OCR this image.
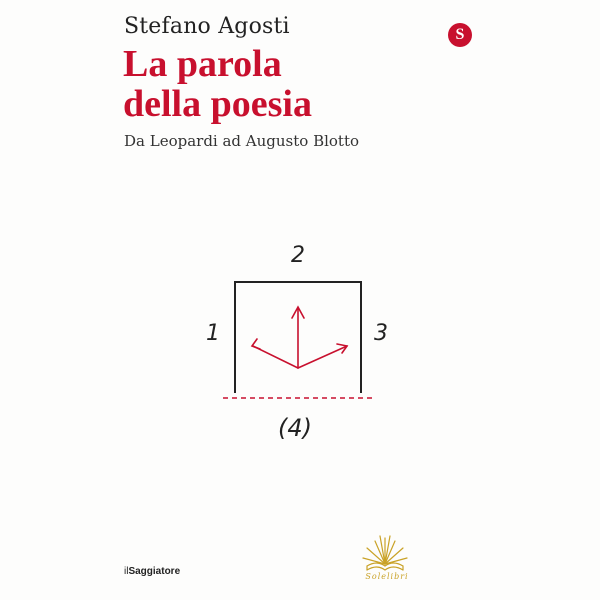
Stefano Agosti
La parola
della poesia
Da Leopardi ad Augusto Blotto
S
2
1	3
(4)
ilSaggiatore	Solelibri
